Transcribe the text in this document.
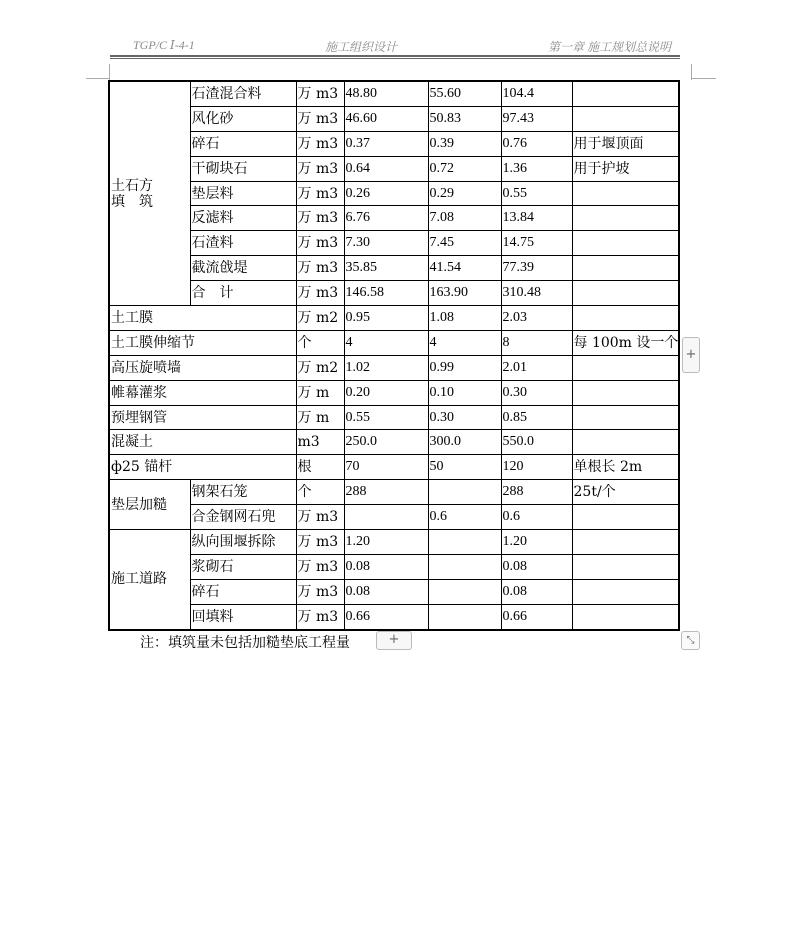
TGP/C Ⅰ-4-1	施工组织设计	第一章 施工规划总说明
土石方
填　筑	石渣混合料	万 m3	48.80	55.60	104.4	
	风化砂	万 m3	46.60	50.83	97.43	
	碎石	万 m3	0.37	0.39	0.76	用于堰顶面
	干砌块石	万 m3	0.64	0.72	1.36	用于护坡
	垫层料	万 m3	0.26	0.29	0.55	
	反滤料	万 m3	6.76	7.08	13.84	
	石渣料	万 m3	7.30	7.45	14.75	
	截流戗堤	万 m3	35.85	41.54	77.39	
	合　计	万 m3	146.58	163.90	310.48	
土工膜		万 m2	0.95	1.08	2.03	
土工膜伸缩节		个	4	4	8	每 100m 设一个
高压旋喷墙		万 m2	1.02	0.99	2.01	
帷幕灌浆		万 m	0.20	0.10	0.30	
预埋钢管		万 m	0.55	0.30	0.85	
混凝土		m3	250.0	300.0	550.0	
ф25 锚杆		根	70	50	120	单根长 2m
垫层加糙	钢架石笼	个	288		288	25t/个
	合金钢网石兜	万 m3		0.6	0.6	
施工道路	纵向围堰拆除	万 m3	1.20		1.20	
	浆砌石	万 m3	0.08		0.08	
	碎石	万 m3	0.08		0.08	
	回填料	万 m3	0.66		0.66	
注：填筑量未包括加糙垫底工程量	+
+
⤡
